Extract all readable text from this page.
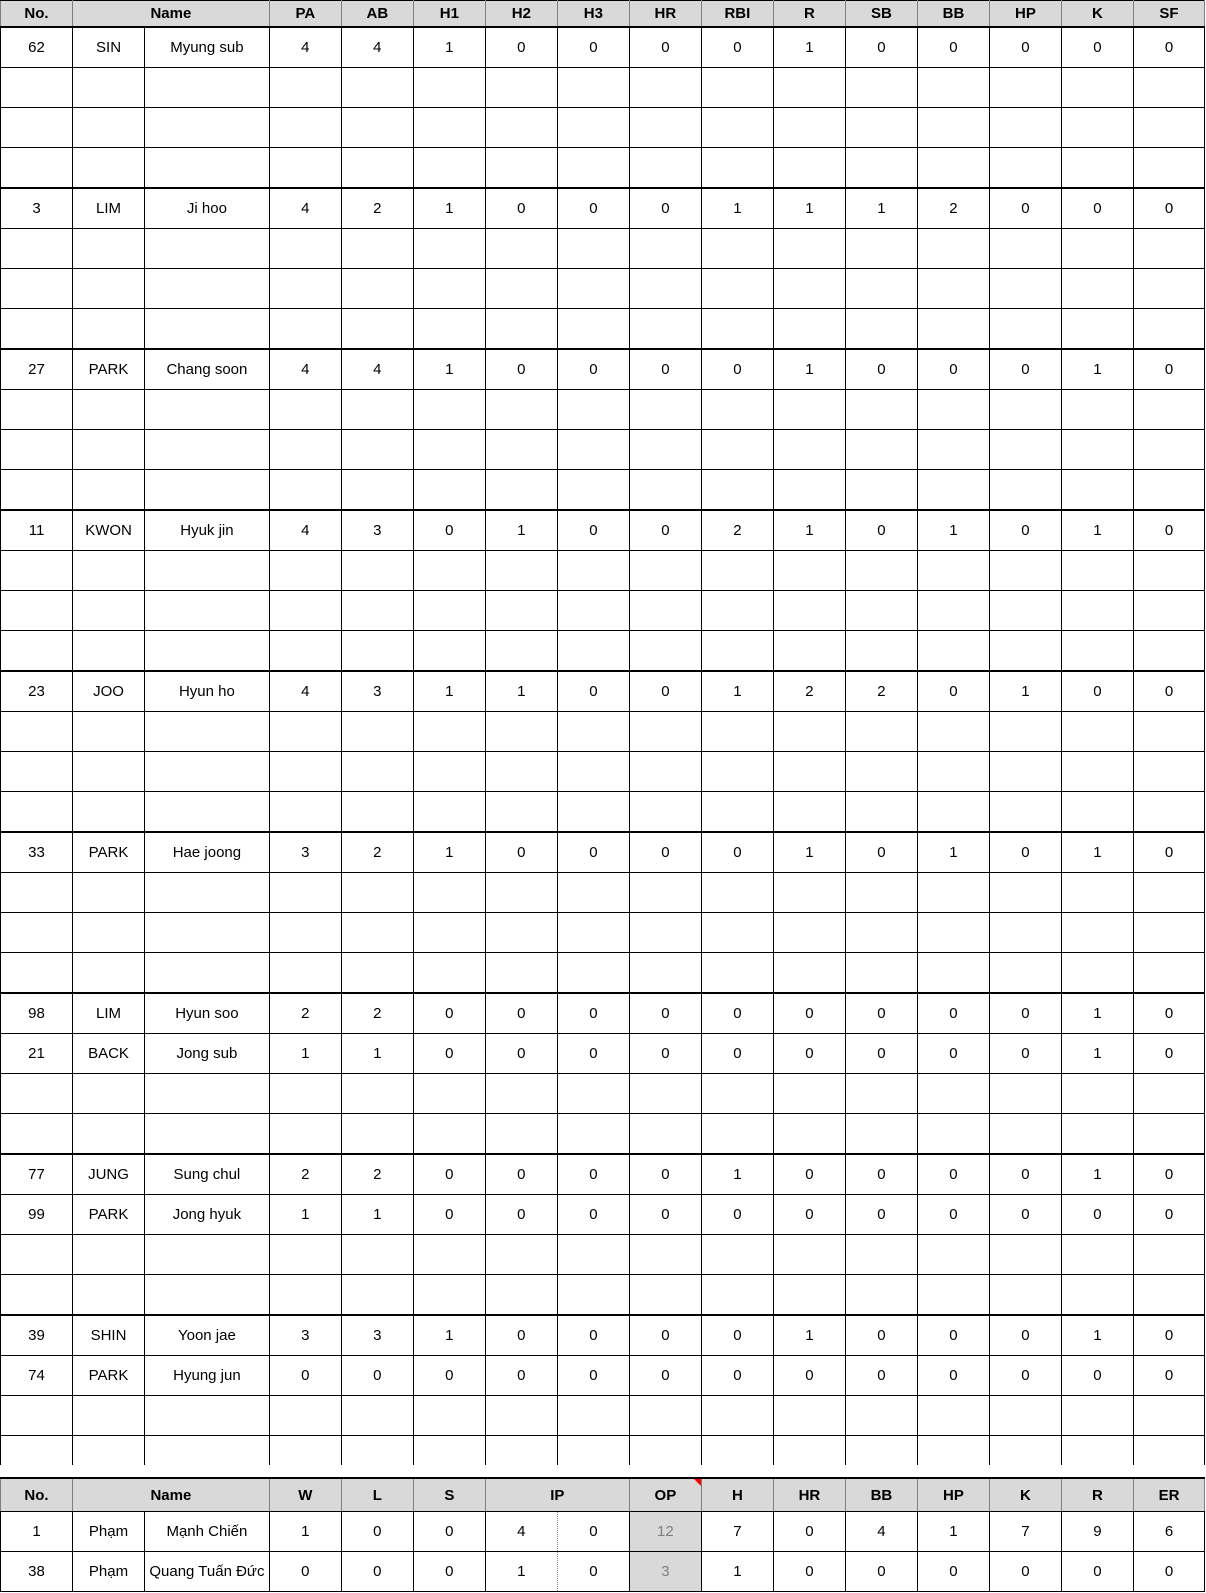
No.	Name		PA	AB	H1	H2	H3	HR	RBI	R	SB	BB	HP	K	SF
62	SIN	Myung sub	4	4	1	0	0	0	0	1	0	0	0	0	0

3	LIM	Ji hoo	4	2	1	0	0	0	1	1	1	2	0	0	0

27	PARK	Chang soon	4	4	1	0	0	0	0	1	0	0	0	1	0

11	KWON	Hyuk jin	4	3	0	1	0	0	2	1	0	1	0	1	0

23	JOO	Hyun ho	4	3	1	1	0	0	1	2	2	0	1	0	0

33	PARK	Hae joong	3	2	1	0	0	0	0	1	0	1	0	1	0

98	LIM	Hyun soo	2	2	0	0	0	0	0	0	0	0	0	1	0
21	BACK	Jong sub	1	1	0	0	0	0	0	0	0	0	0	1	0

77	JUNG	Sung chul	2	2	0	0	0	0	1	0	0	0	0	1	0
99	PARK	Jong hyuk	1	1	0	0	0	0	0	0	0	0	0	0	0

39	SHIN	Yoon jae	3	3	1	0	0	0	0	1	0	0	0	1	0
74	PARK	Hyung jun	0	0	0	0	0	0	0	0	0	0	0	0	0

No.	Name		W	L	S	IP		OP	H	HR	BB	HP	K	R	ER
1	Phạm	Mạnh Chiến	1	0	0	4	0	12	7	0	4	1	7	9	6
38	Phạm	Quang Tuấn Đức	0	0	0	1	0	3	1	0	0	0	0	0	0
